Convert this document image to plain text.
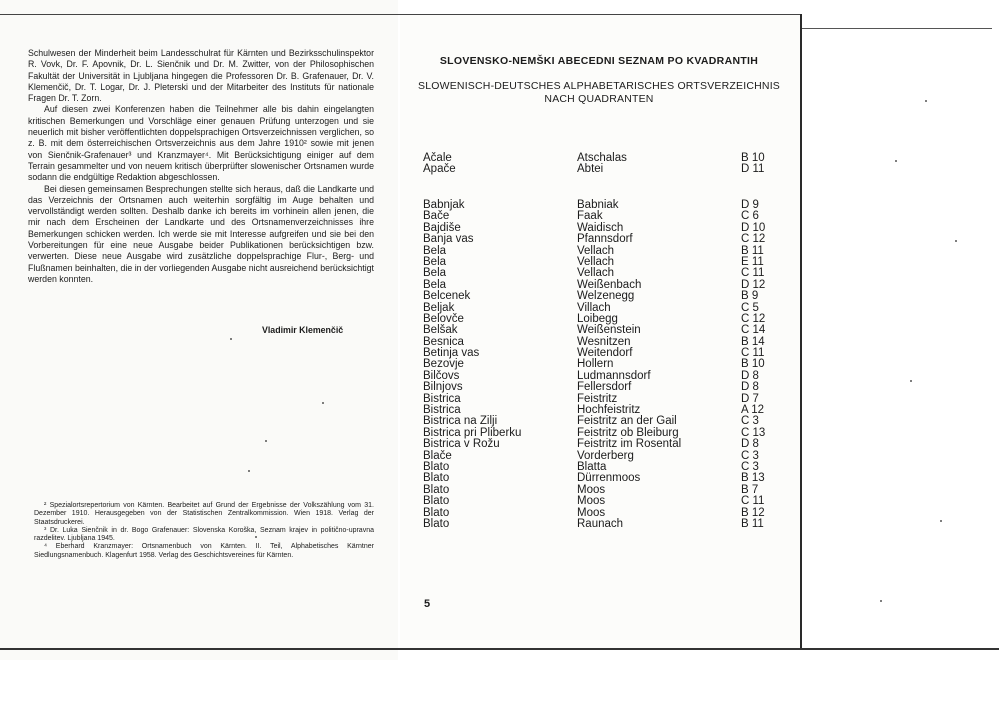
Schulwesen der Minderheit beim Landesschulrat für Kärnten und Bezirksschulinspektor R. Vovk, Dr. F. Apovnik, Dr. L. Sienčnik und Dr. M. Zwitter, von der Philosophischen Fakultät der Universität in Ljubljana hingegen die Professoren Dr. B. Grafenauer, Dr. V. Klemenčič, Dr. T. Logar, Dr. J. Pleterski und der Mitarbeiter des Instituts für nationale Fragen Dr. T. Zorn.

Auf diesen zwei Konferenzen haben die Teilnehmer alle bis dahin eingelangten kritischen Bemerkungen und Vorschläge einer genauen Prüfung unterzogen und sie neuerlich mit bisher veröffentlichten doppelsprachigen Ortsverzeichnissen verglichen, so z. B. mit dem österreichischen Ortsverzeichnis aus dem Jahre 1910² sowie mit jenen von Sienčnik-Grafenauer³ und Kranzmayer⁴. Mit Berücksichtigung einiger auf dem Terrain gesammelter und von neuem kritisch überprüfter slowenischer Ortsnamen wurde sodann die endgültige Redaktion abgeschlossen.

Bei diesen gemeinsamen Besprechungen stellte sich heraus, daß die Landkarte und das Verzeichnis der Ortsnamen auch weiterhin sorgfältig im Auge behalten und vervollständigt werden sollten. Deshalb danke ich bereits im vorhinein allen jenen, die mir nach dem Erscheinen der Landkarte und des Ortsnamenverzeichnisses ihre Bemerkungen schicken werden. Ich werde sie mit Interesse aufgreifen und sie bei den Vorbereitungen für eine neue Ausgabe beider Publikationen berücksichtigen bzw. verwerten. Diese neue Ausgabe wird zusätzliche doppelsprachige Flur-, Berg- und Flußnamen beinhalten, die in der vorliegenden Ausgabe nicht ausreichend berücksichtigt werden konnten.

Vladimir Klemenčič
² Spezialortsrepertorium von Kärnten. Bearbeitet auf Grund der Ergebnisse der Volkszählung vom 31. Dezember 1910. Herausgegeben von der Statistischen Zentralkommission. Wien 1918. Verlag der Staatsdruckerei.
³ Dr. Luka Sienčnik in dr. Bogo Grafenauer: Slovenska Koroška, Seznam krajev in politično-upravna razdelitev. Ljubljana 1945.
⁴ Eberhard Kranzmayer: Ortsnamenbuch von Kärnten. II. Teil, Alphabetisches Kärntner Siedlungsnamenbuch. Klagenfurt 1958. Verlag des Geschichtsvereines für Kärnten.
SLOVENSKO-NEMŠKI ABECEDNI SEZNAM PO KVADRANTIH
SLOWENISCH-DEUTSCHES ALPHABETARISCHES ORTSVERZEICHNIS
NACH QUADRANTEN
Ačale	Atschalas	B 10
Apače	Abtei	D 11
Babnjak	Babniak	D 9
Bače	Faak	C 6
Bajdiše	Waidisch	D 10
Banja vas	Pfannsdorf	C 12
Bela	Vellach	B 11
Bela	Vellach	E 11
Bela	Vellach	C 11
Bela	Weißenbach	D 12
Belcenek	Welzenegg	B 9
Beljak	Villach	C 5
Belovče	Loibegg	C 12
Belšak	Weißenstein	C 14
Besnica	Wesnitzen	B 14
Betinja vas	Weitendorf	C 11
Bezovje	Hollern	B 10
Bilčovs	Ludmannsdorf	D 8
Bilnjovs	Fellersdorf	D 8
Bistrica	Feistritz	D 7
Bistrica	Hochfeistritz	A 12
Bistrica na Zilji	Feistritz an der Gail	C 3
Bistrica pri Pliberku	Feistritz ob Bleiburg	C 13
Bistrica v Rožu	Feistritz im Rosental	D 8
Blače	Vorderberg	C 3
Blato	Blatta	C 3
Blato	Dürrenmoos	B 13
Blato	Moos	B 7
Blato	Moos	C 11
Blato	Moos	B 12
Blato	Raunach	B 11
5
